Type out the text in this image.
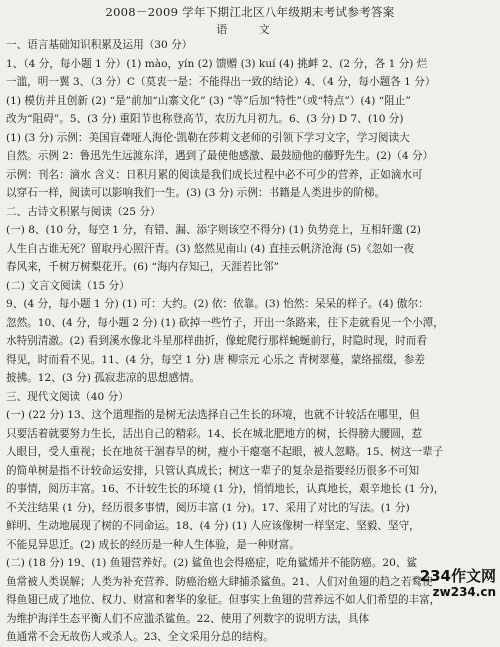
2008－2009 学年下期江北区八年级期末考试参考答案
语 文
一、语言基础知识积累及运用（30 分）
1、（4 分，每小题 1 分）(1) mào，yín (2) 馈赠 (3) kuí (4) 挑衅 2、(2 分，各 1 分) 烂
一滥，明一翼 3、（3 分）C（莫衷一是：不能得出一致的结论）4、（4 分，每小题各 1 分）
(1) 模仿并且创新 (2) “是”前加“山寨文化” (3) “等”后加“特性”（或“特点”）(4) “阻止”
改为“阻碍”。5、(3 分) 重阳节也称登高节，农历九月初九。6、(3 分) D 7、(10 分)
(1) (3 分) 示例：美国盲聋哑人海伦·凯勒在莎莉文老师的引领下学习文字，学习阅读大
自然。示例 2：鲁迅先生远渡东洋，遇到了最使他感激、最鼓励他的藤野先生。(2)（4 分）
示例：刊名：滴水 含义：日积月累的阅读是我们成长过程中必不可少的营养，正如滴水可
以穿石一样，阅读可以影响我们一生。(3) (3 分) 示例：书籍是人类进步的阶梯。
二、古诗文积累与阅读（25 分）
(一) 8、(10 分，每空 1 分，有错、漏、添字则该空不得分) (1) 负势竞上，互相轩邈 (2)
人生自古谁无死？留取丹心照汗青。(3) 悠然见南山 (4) 直挂云帆济沧海 (5)《忽如一夜
春风来，千树万树梨花开。(6) “海内存知己，天涯若比邻”
(二) 文言文阅读（15 分）
9、(4 分，每小题 1 分) (1) 可：大约。(2) 依：依靠。(3) 怡然：呆呆的样子。(4) 傲尔：
忽然。10、(4 分，每小题 2 分) (1) 砍掉一些竹子，开出一条路来，往下走就看见一个小潭，
水特别清澈。(2) 看到溪水像北斗星那样曲折，像蛇爬行那样蜿蜒前行，时隐时现，时而看
得见，时而看不见。11、(4 分，每空 1 分) 唐 柳宗元 心乐之 青树翠蔓，蒙络摇缀，参差
披拂。12、(3 分) 孤寂悲凉的思想感情。
三、现代文阅读（40 分）
(一) (22 分) 13、这个道理指的是树无法选择自己生长的环境，也就不计较活在哪里，但
只要活着就要努力生长，活出自己的精彩。14、长在城北肥地方的树，长得膀大腰圆，惹
人眼目，受人重视；长在地贫干涸春旱的树，瘦小干瘪毫不起眼，被人忽略。15、树这一辈子
的简单树是指不计较命运安排，只管认真成长；树这一辈子的复杂是指要经历很多不可知
的事情，阅历丰富。16、不计较生长的环境 (1 分)，悄悄地长，认真地长，艰辛地长 (1 分)，
不关注结果 (1 分)，经历很多事情，阅历丰富 (1 分)。17、采用了对比的写法。(1 分)
鲜明、生动地展现了树的不同命运。18、(4 分) (1) 人应该像树一样坚定、坚毅、坚守，
不能見异思迁。(2) 成长的经历是一种人生体验，是一种财富。
(二) (18 分) 19、(1) 鱼翅营养好。(2) 鲨鱼也会得癌症，吃角鲨烯并不能防癌。20、鲨
鱼常被人类误解；人类为补充营养、防癌治癌大肆捕杀鲨鱼。21、人们对鱼翅的趋之若鹜使
得鱼翅已成了地位、权力、财富和奢华的象征。但事实上鱼翅的营养远不如人们希望的丰富，
为维护海洋生态平衡人们不应滥杀鲨鱼。22、使用了列数字的说明方法，具体
鱼通常不会无故伤人或杀人。23、全文采用分总的结构。
234作文网
zw234.cn
